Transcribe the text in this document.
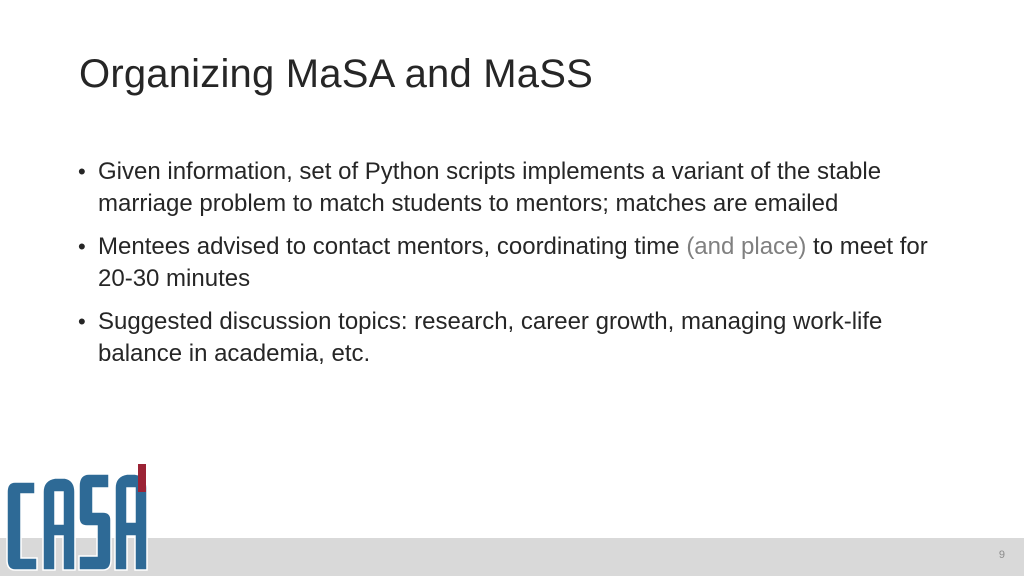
Organizing MaSA and MaSS
• Given information, set of Python scripts implements a variant of the stable marriage problem to match students to mentors; matches are emailed
• Mentees advised to contact mentors, coordinating time (and place) to meet for 20-30 minutes
• Suggested discussion topics: research, career growth, managing work-life balance in academia, etc.
9
